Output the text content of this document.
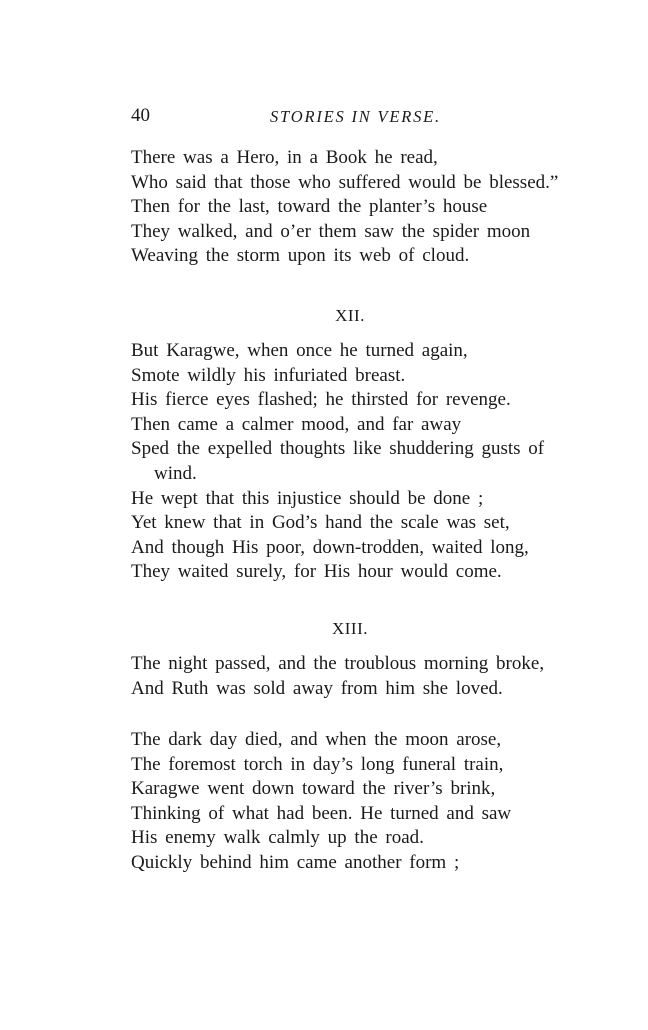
40	STORIES IN VERSE.
There was a Hero, in a Book he read,
Who said that those who suffered would be blessed.”
Then for the last, toward the planter’s house
They walked, and o’er them saw the spider moon
Weaving the storm upon its web of cloud.
XII.
But Karagwe, when once he turned again,
Smote wildly his infuriated breast.
His fierce eyes flashed; he thirsted for revenge.
Then came a calmer mood, and far away
Sped the expelled thoughts like shuddering gusts of
wind.
He wept that this injustice should be done ;
Yet knew that in God’s hand the scale was set,
And though His poor, down-trodden, waited long,
They waited surely, for His hour would come.
XIII.
The night passed, and the troublous morning broke,
And Ruth was sold away from him she loved.
The dark day died, and when the moon arose,
The foremost torch in day’s long funeral train,
Karagwe went down toward the river’s brink,
Thinking of what had been. He turned and saw
His enemy walk calmly up the road.
Quickly behind him came another form ;
